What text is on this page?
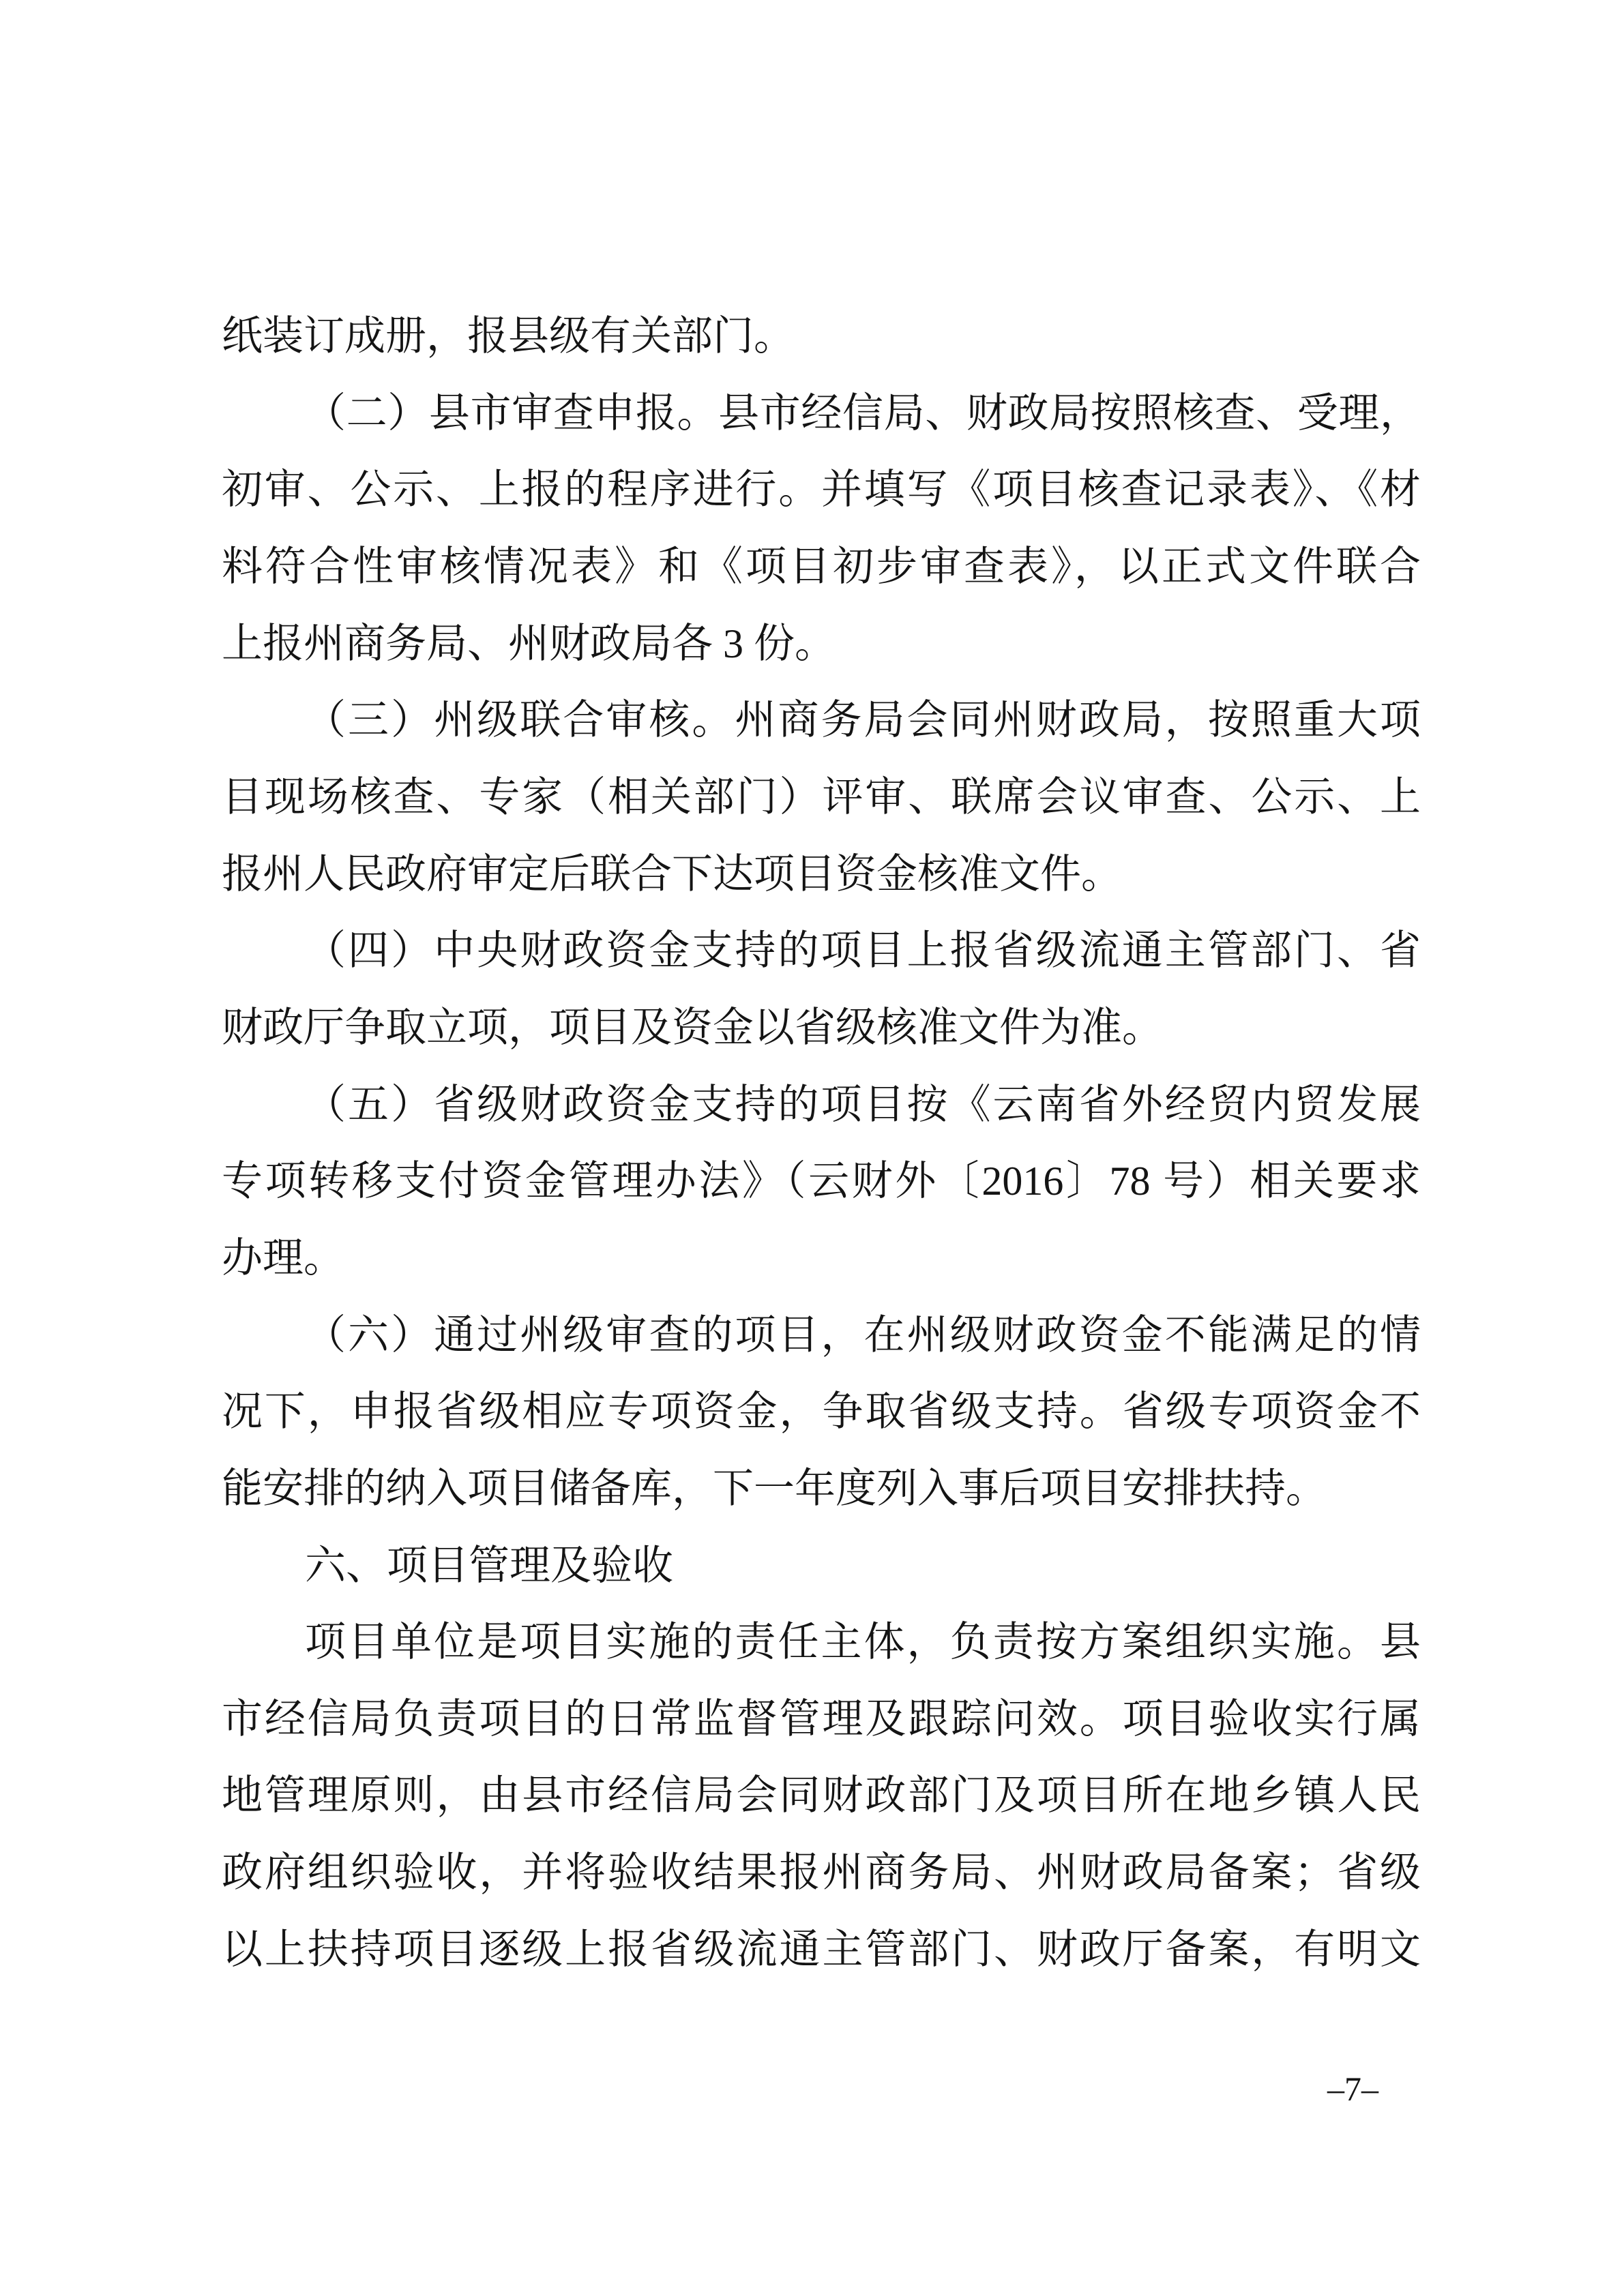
纸装订成册，报县级有关部门。
（二）县市审查申报。县市经信局、财政局按照核查、受理，
初审、公示、上报的程序进行。并填写《项目核查记录表》、《材
料符合性审核情况表》和《项目初步审查表》，以正式文件联合
上报州商务局、州财政局各 3 份。
（三）州级联合审核。州商务局会同州财政局，按照重大项
目现场核查、专家（相关部门）评审、联席会议审查、公示、上
报州人民政府审定后联合下达项目资金核准文件。
（四）中央财政资金支持的项目上报省级流通主管部门、省
财政厅争取立项，项目及资金以省级核准文件为准。
（五）省级财政资金支持的项目按《云南省外经贸内贸发展
专项转移支付资金管理办法》（云财外〔2016〕78 号）相关要求
办理。
（六）通过州级审查的项目，在州级财政资金不能满足的情
况下，申报省级相应专项资金，争取省级支持。省级专项资金不
能安排的纳入项目储备库，下一年度列入事后项目安排扶持。
六、项目管理及验收
项目单位是项目实施的责任主体，负责按方案组织实施。县
市经信局负责项目的日常监督管理及跟踪问效。项目验收实行属
地管理原则，由县市经信局会同财政部门及项目所在地乡镇人民
政府组织验收，并将验收结果报州商务局、州财政局备案；省级
以上扶持项目逐级上报省级流通主管部门、财政厅备案，有明文
–7–
